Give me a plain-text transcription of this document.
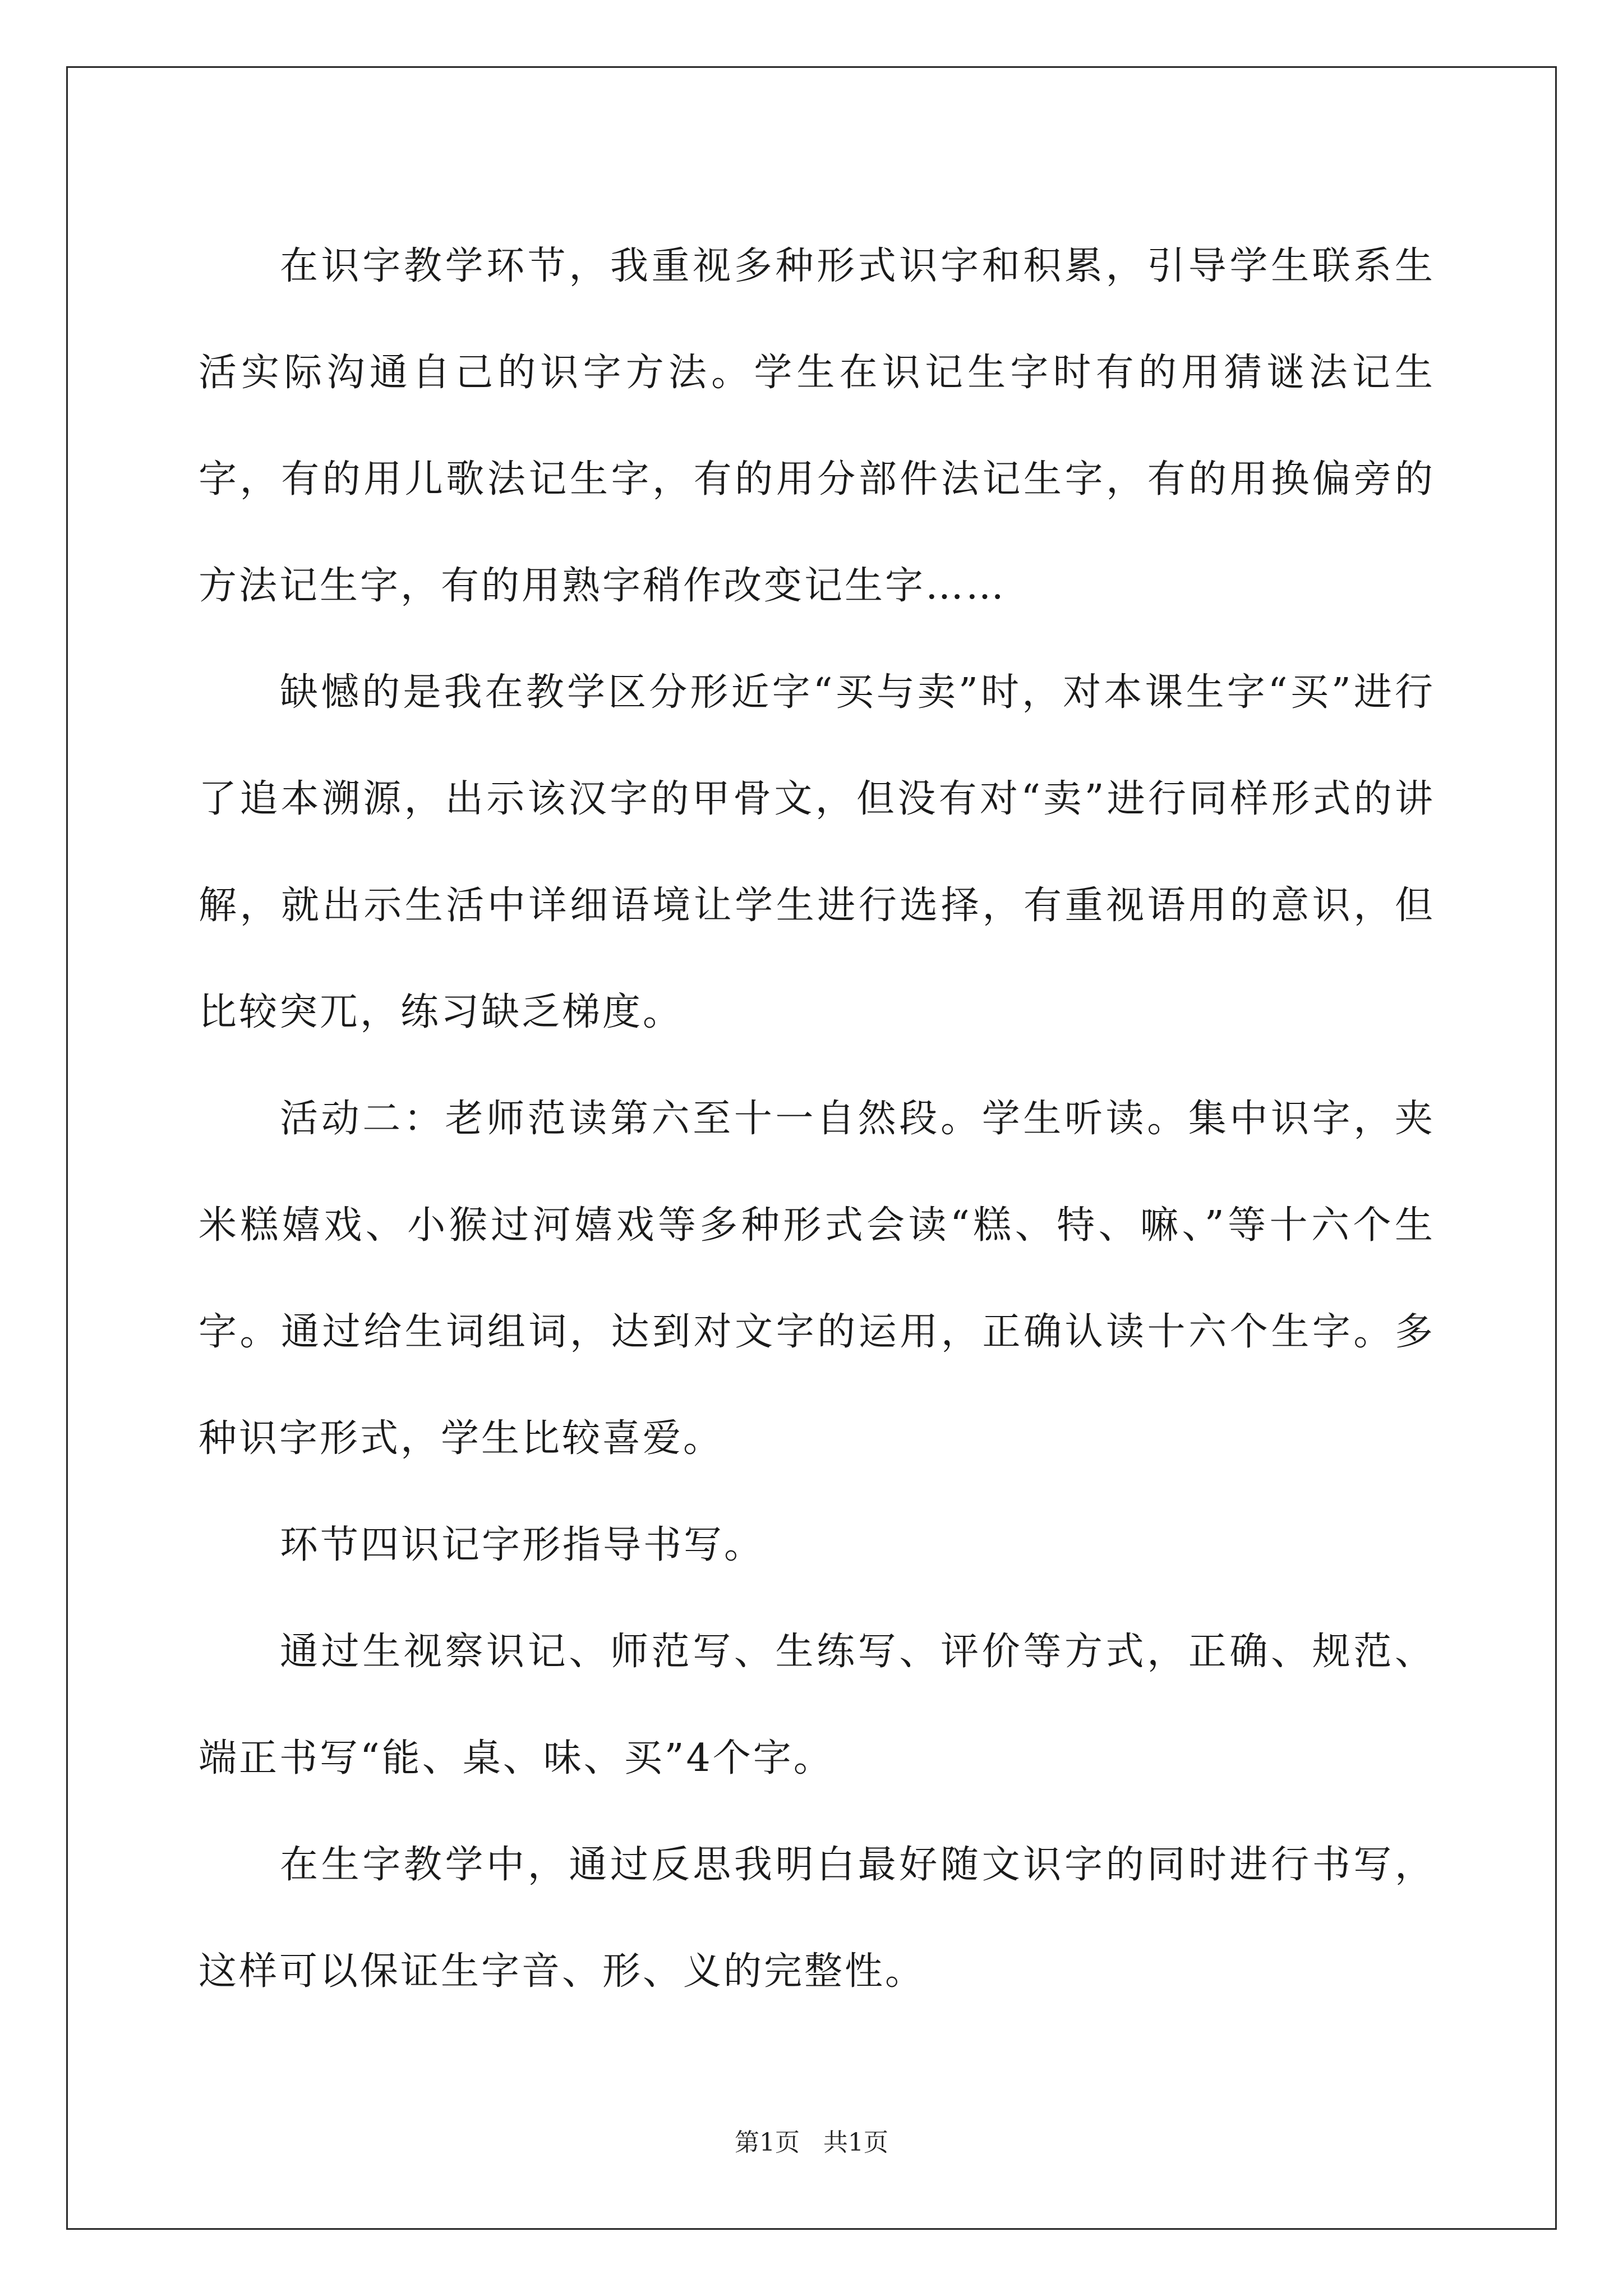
在识字教学环节，我重视多种形式识字和积累，引导学生联系生活实际沟通自己的识字方法。学生在识记生字时有的用猜谜法记生字，有的用儿歌法记生字，有的用分部件法记生字，有的用换偏旁的方法记生字，有的用熟字稍作改变记生字……

缺憾的是我在教学区分形近字“买与卖”时，对本课生字“买”进行了追本溯源，出示该汉字的甲骨文，但没有对“卖”进行同样形式的讲解，就出示生活中详细语境让学生进行选择，有重视语用的意识，但比较突兀，练习缺乏梯度。

活动二：老师范读第六至十一自然段。学生听读。集中识字，夹米糕嬉戏、小猴过河嬉戏等多种形式会读“糕、特、嘛、”等十六个生字。通过给生词组词，达到对文字的运用，正确认读十六个生字。多种识字形式，学生比较喜爱。

环节四识记字形指导书写。

通过生视察识记、师范写、生练写、评价等方式，正确、规范、端正书写“能、桌、味、买”4个字。

在生字教学中，通过反思我明白最好随文识字的同时进行书写，这样可以保证生字音、形、义的完整性。

第1页 共1页
